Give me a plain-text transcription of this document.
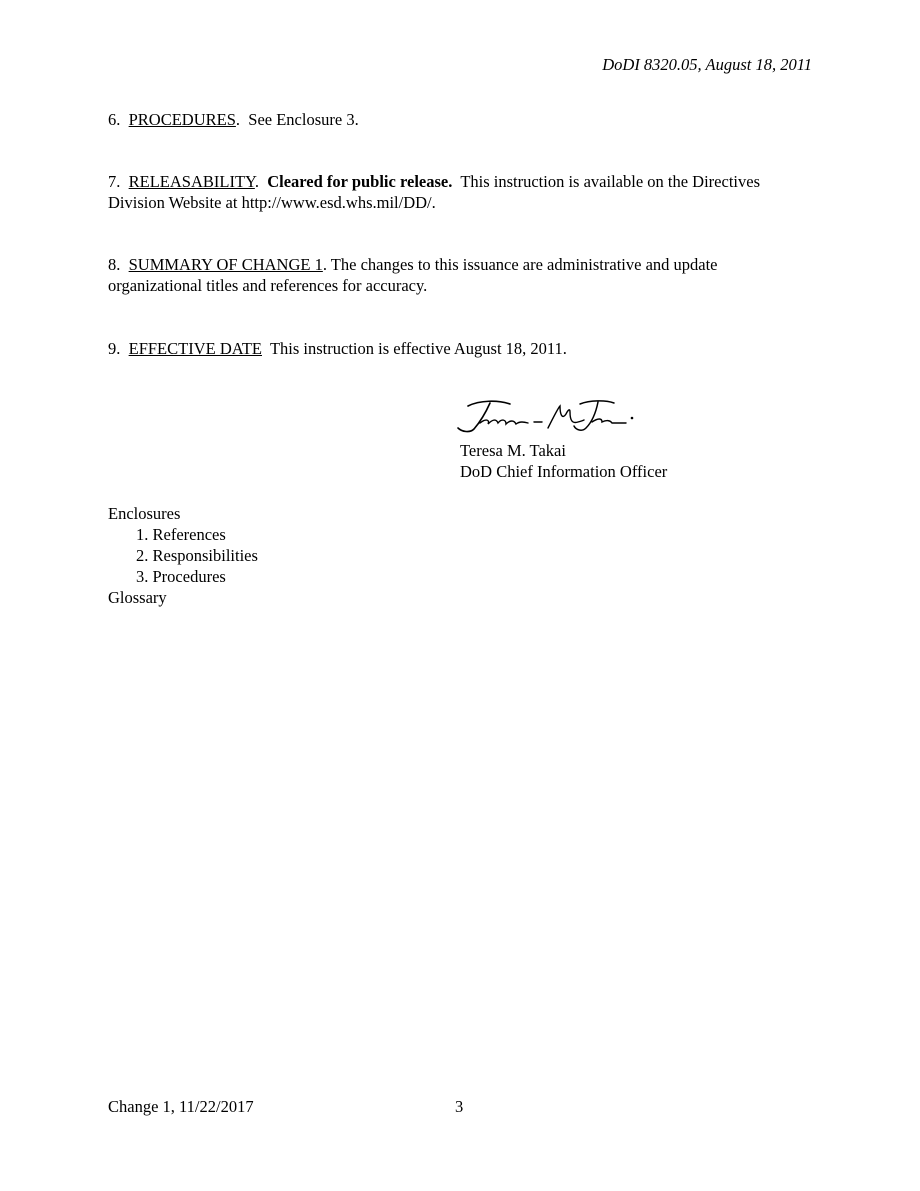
DoDI 8320.05, August 18, 2011
6. PROCEDURES.  See Enclosure 3.
7. RELEASABILITY.  Cleared for public release. This instruction is available on the Directives Division Website at http://www.esd.whs.mil/DD/.
8. SUMMARY OF CHANGE 1. The changes to this issuance are administrative and update organizational titles and references for accuracy.
9. EFFECTIVE DATE This instruction is effective August 18, 2011.
Teresa M. Takai
DoD Chief Information Officer
Enclosures
1. References
2. Responsibilities
3. Procedures
Glossary
Change 1, 11/22/2017	3
